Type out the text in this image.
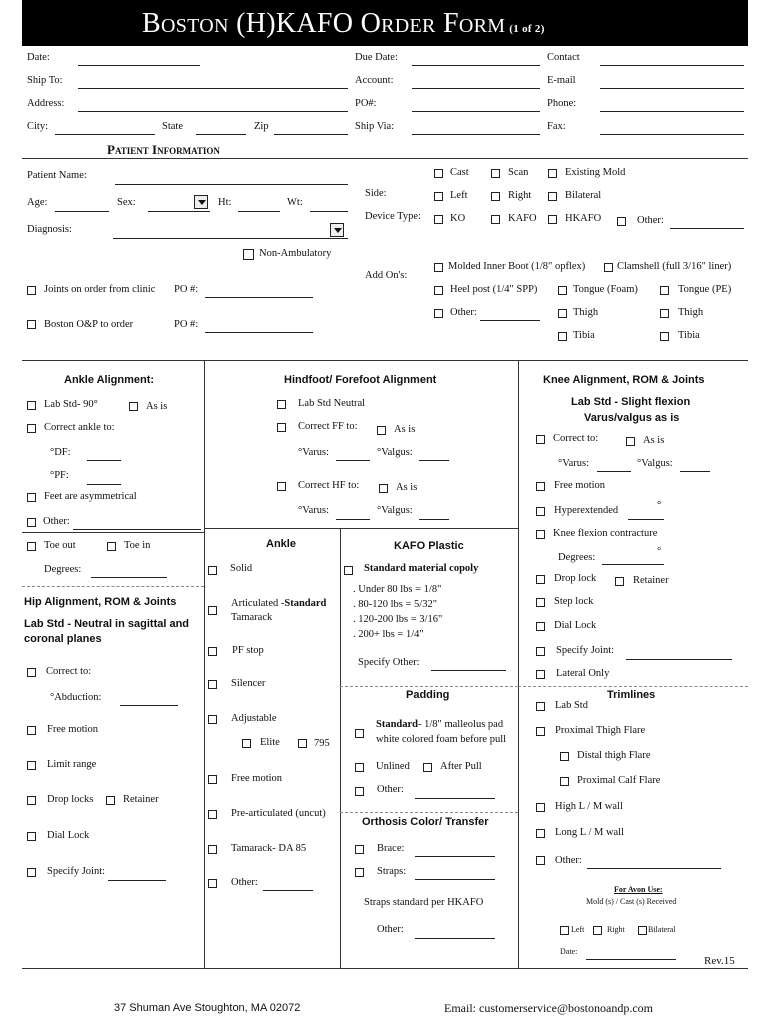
Boston (H)KAFO Order Form (1 of 2)
Date:	Due Date:	Contact
Ship To:	Account:	E-mail
Address:	PO#:	Phone:
City:	State	Zip	Ship Via:	Fax:
Patient Information
Patient Name:
Age:	Sex:	Ht:	Wt:
Diagnosis:
Non-Ambulatory
Joints on order from clinic PO #:
Boston O&P to order	PO #:
Cast	Scan	Existing Mold
Side:	Left	Right	Bilateral
Device Type:	KO	KAFO	HKAFO	Other:
Add On's:
Molded Inner Boot (1/8" opflex)	Clamshell (full 3/16" liner)
Heel post (1/4" SPP)	Tongue (Foam)	Tongue (PE)
Other:	Thigh	Thigh
Tibia	Tibia
Ankle Alignment:
Lab Std- 90°	As is
Correct ankle to:
°DF:
°PF:
Feet are asymmetrical
Other:
Toe out	Toe in
Degrees:
Hip Alignment, ROM & Joints
Lab Std - Neutral in sagittal and
coronal planes
Correct to:
°Abduction:
Free motion
Limit range
Drop locks	Retainer
Dial Lock
Specify Joint:
Hindfoot/ Forefoot Alignment
Lab Std Neutral
Correct FF to:	As is
°Varus:	°Valgus:
Correct HF to:	As is
°Varus:	°Valgus:
Ankle
Solid
Articulated -Standard
Tamarack
PF stop
Silencer
Adjustable
Elite	795
Free motion
Pre-articulated (uncut)
Tamarack- DA 85
Other:
KAFO Plastic
Standard material copoly
. Under 80 lbs = 1/8"
. 80-120 lbs = 5/32"
. 120-200 lbs = 3/16"
. 200+ lbs = 1/4"
Specify Other:
Padding
Standard- 1/8" malleolus pad
white colored foam before pull
Unlined	After Pull
Other:
Orthosis Color/ Transfer
Brace:
Straps:
Straps standard per HKAFO
Other:
Knee Alignment, ROM & Joints
Lab Std - Slight flexion
Varus/valgus as is
Correct to:	As is
°Varus:	°Valgus:
Free motion
Hyperextended	°
Knee flexion contracture
Degrees:
°
Drop lock	Retainer
Step lock
Dial Lock
Specify Joint:
Lateral Only
Trimlines
Lab Std
Proximal Thigh Flare
Distal thigh Flare
Proximal Calf Flare
High L / M wall
Long L / M wall
Other:
For Avon Use:
Mold (s) / Cast (s) Received
Left	Right	Bilateral
Date:
Rev.15
37 Shuman Ave Stoughton, MA 02072	Email: customerservice@bostonoandp.com
